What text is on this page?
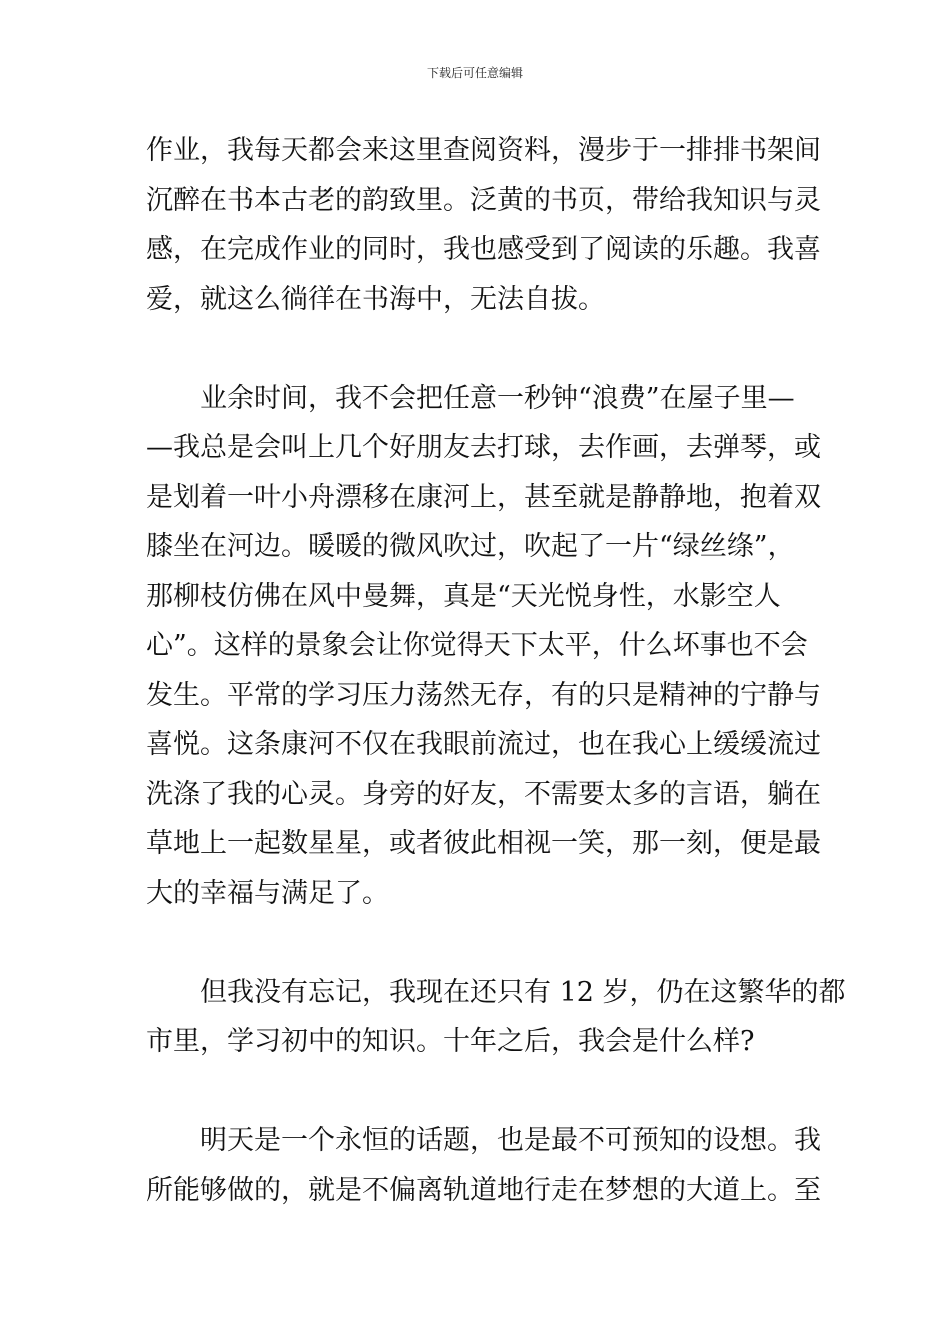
下载后可任意编辑
作业，我每天都会来这里查阅资料，漫步于一排排书架间
沉醉在书本古老的韵致里。泛黄的书页，带给我知识与灵
感，在完成作业的同时，我也感受到了阅读的乐趣。我喜
爱，就这么徜徉在书海中，无法自拔。
业余时间，我不会把任意一秒钟“浪费”在屋子里—
—我总是会叫上几个好朋友去打球，去作画，去弹琴，或
是划着一叶小舟漂移在康河上，甚至就是静静地，抱着双
膝坐在河边。暖暖的微风吹过，吹起了一片“绿丝绦”，
那柳枝仿佛在风中曼舞，真是“天光悦身性，水影空人
心”。这样的景象会让你觉得天下太平，什么坏事也不会
发生。平常的学习压力荡然无存，有的只是精神的宁静与
喜悦。这条康河不仅在我眼前流过，也在我心上缓缓流过
洗涤了我的心灵。身旁的好友，不需要太多的言语，躺在
草地上一起数星星，或者彼此相视一笑，那一刻，便是最
大的幸福与满足了。
但我没有忘记，我现在还只有 12 岁，仍在这繁华的都
市里，学习初中的知识。十年之后，我会是什么样?
明天是一个永恒的话题，也是最不可预知的设想。我
所能够做的，就是不偏离轨道地行走在梦想的大道上。至
